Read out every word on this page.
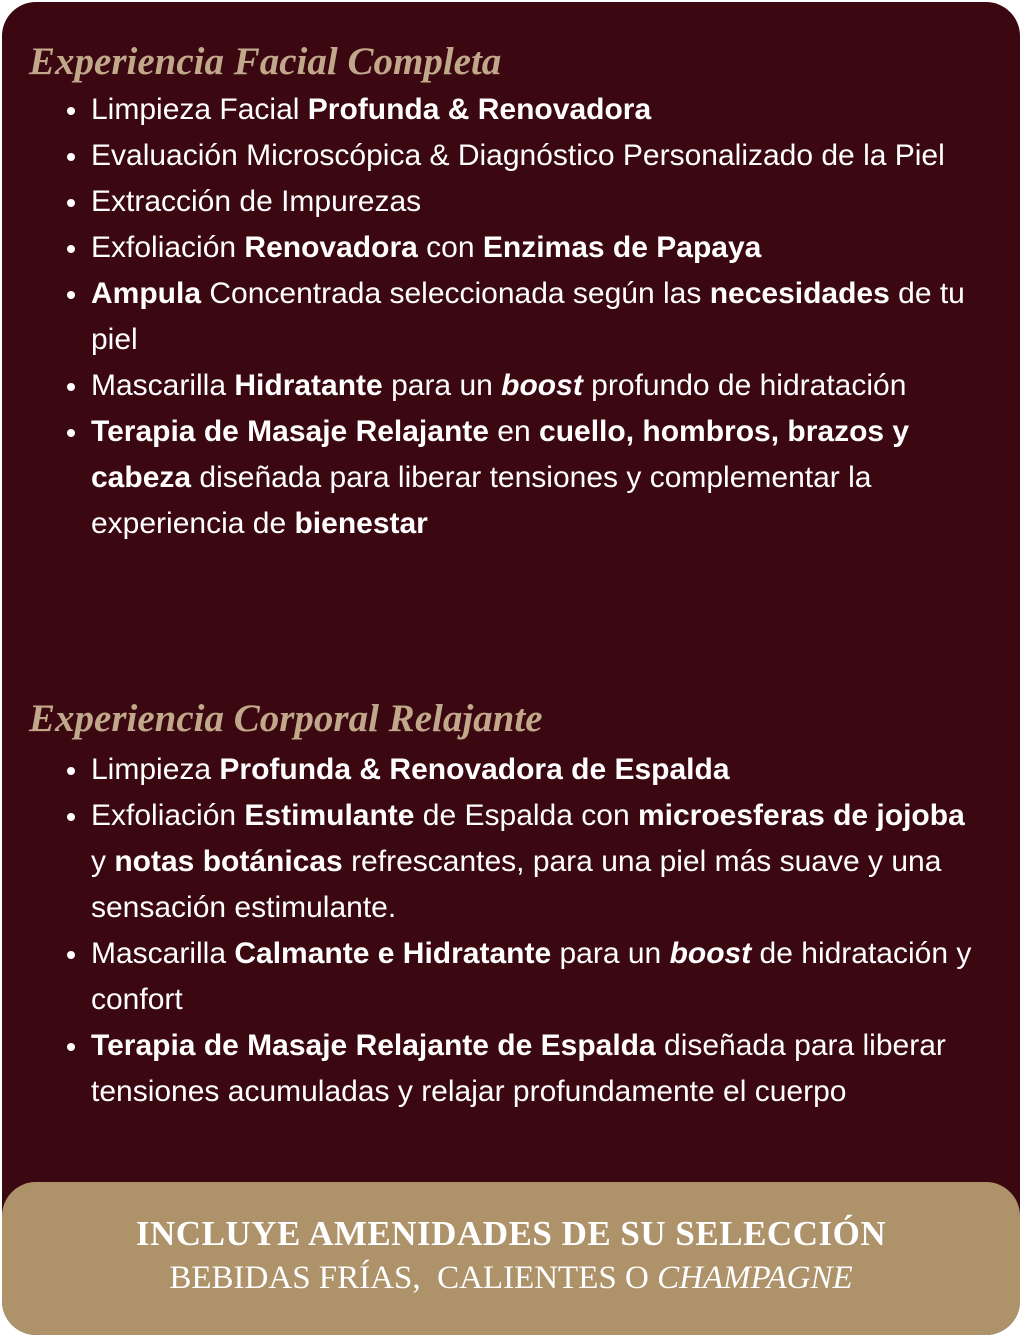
Experiencia Facial Completa
Limpieza Facial Profunda & Renovadora
Evaluación Microscópica & Diagnóstico Personalizado de la Piel
Extracción de Impurezas
Exfoliación Renovadora con Enzimas de Papaya
Ampula Concentrada seleccionada según las necesidades de tu piel
Mascarilla Hidratante para un boost profundo de hidratación
Terapia de Masaje Relajante en cuello, hombros, brazos y cabeza diseñada para liberar tensiones y complementar la experiencia de bienestar
Experiencia Corporal Relajante
Limpieza Profunda & Renovadora de Espalda
Exfoliación Estimulante de Espalda con microesferas de jojoba y notas botánicas refrescantes, para una piel más suave y una sensación estimulante.
Mascarilla Calmante e Hidratante para un boost de hidratación y confort
Terapia de Masaje Relajante de Espalda diseñada para liberar tensiones acumuladas y relajar profundamente el cuerpo
INCLUYE AMENIDADES DE SU SELECCIÓN
BEBIDAS FRÍAS,  CALIENTES O CHAMPAGNE
